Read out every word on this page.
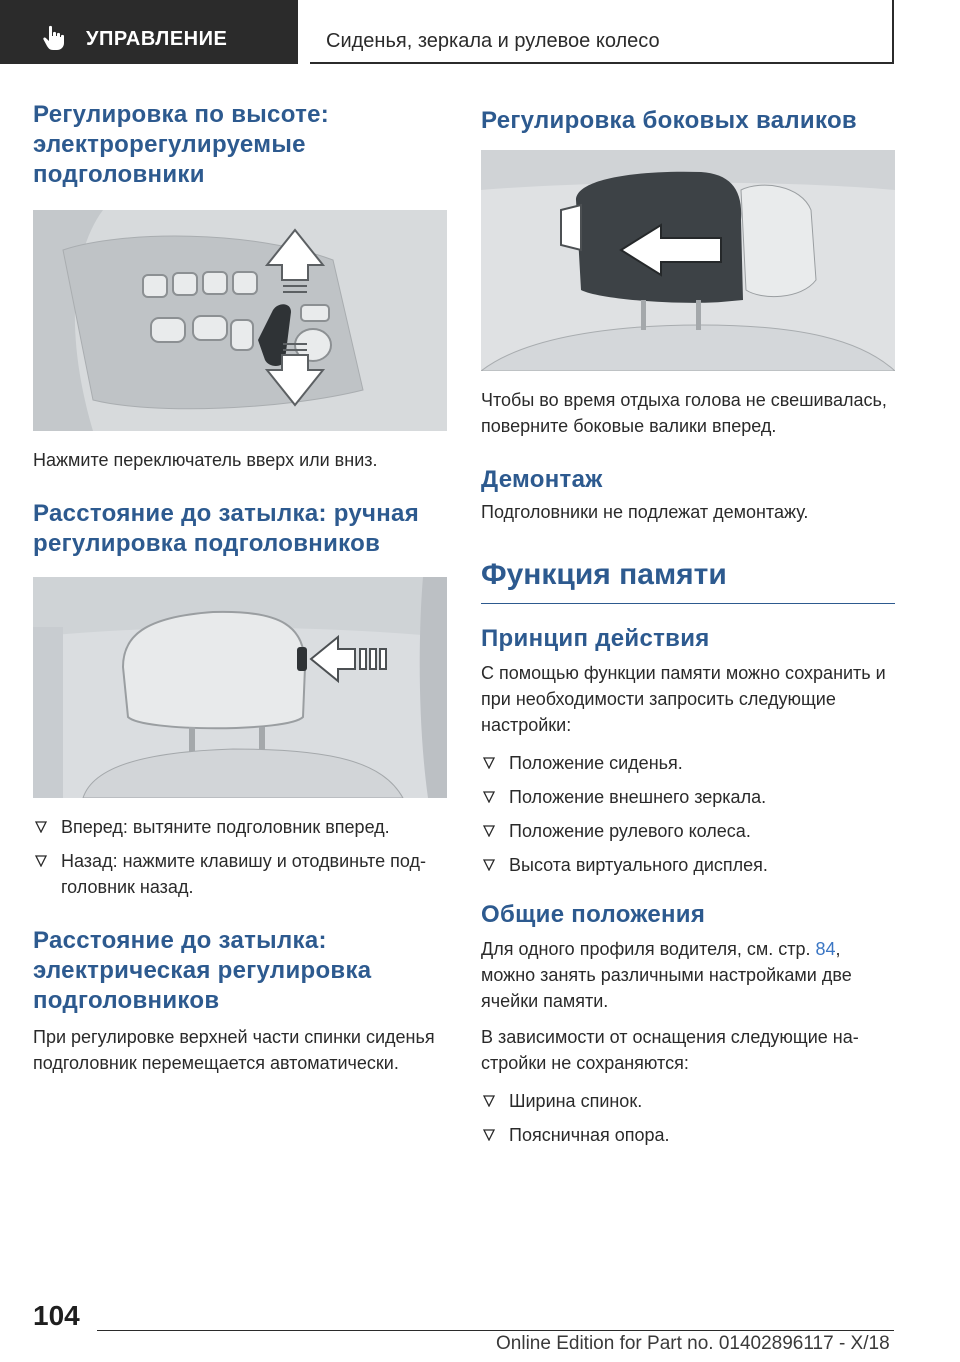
УПРАВЛЕНИЕ	Сиденья, зеркала и рулевое колесо
Регулировка по высоте: электрорегулируемые подголовники

Нажмите переключатель вверх или вниз.

Расстояние до затылка: ручная регулировка подголовников
Вперед: вытяните подголовник вперед.
Назад: нажмите клавишу и отодвиньте подголовник назад.
Расстояние до затылка: электрическая регулировка подголовников

При регулировке верхней части спинки сиденья подголовник перемещается автоматически.

Регулировка боковых валиков

Чтобы во время отдыха голова не свешивалась, поверните боковые валики вперед.

Демонтаж

Подголовники не подлежат демонтажу.

Функция памяти
Принцип действия

С помощью функции памяти можно сохранить и при необходимости запросить следующие настройки:

Положение сиденья.
Положение внешнего зеркала.
Положение рулевого колеса.
Высота виртуального дисплея.
Общие положения

Для одного профиля водителя, см. стр. 84, можно занять различными настройками две ячейки памяти.

В зависимости от оснащения следующие настройки не сохраняются:

Ширина спинок.
Поясничная опора.
104
Online Edition for Part no. 01402896117 - X/18
